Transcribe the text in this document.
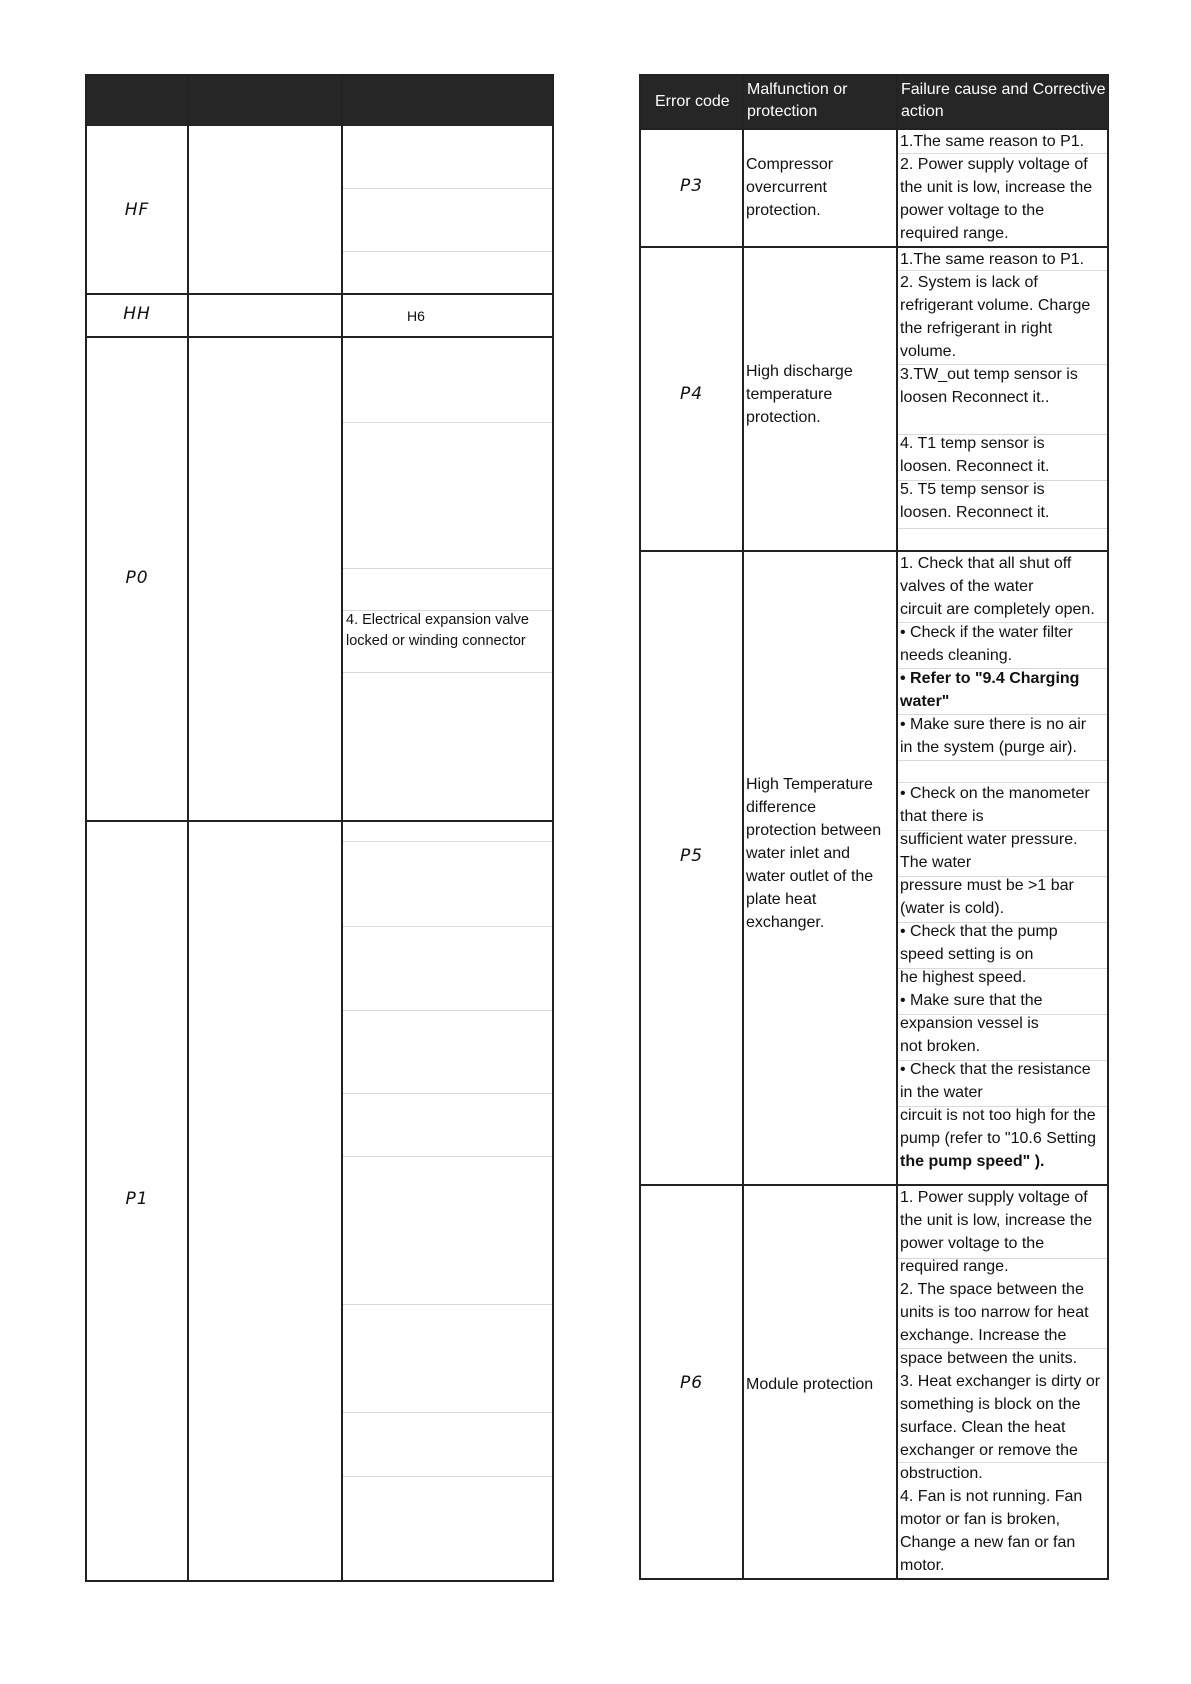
HF
HH
P0
P1
H6
4. Electrical expansion valve
locked or winding connector
Error code
Malfunction or
protection
Failure cause and Corrective
action
P3
Compressor
overcurrent
protection.
1.The same reason to P1.
2. Power supply voltage of
the unit is low, increase the
power voltage to the
required range.
P4
High discharge
temperature
protection.
1.The same reason to P1.
2. System is lack of
refrigerant volume. Charge
the refrigerant in right
volume.
3.TW_out temp sensor is
loosen Reconnect it..

4. T1 temp sensor is
loosen. Reconnect it.
5. T5 temp sensor is
loosen. Reconnect it.
P5
High Temperature
difference
protection between
water inlet and
water outlet of the
plate heat
exchanger.
1. Check that all shut off
valves of the water
circuit are completely open.
• Check if the water filter
needs cleaning.
• Refer to "9.4 Charging
water"
• Make sure there is no air
in the system (purge air).

• Check on the manometer
that there is
sufficient water pressure.
The water
pressure must be >1 bar
(water is cold).
• Check that the pump
speed setting is on
he highest speed.
• Make sure that the
expansion vessel is
not broken.
• Check that the resistance
in the water
circuit is not too high for the
pump (refer to "10.6 Setting
the pump speed" ).
P6	Module protection
1. Power supply voltage of
the unit is low, increase the
power voltage to the
required range.
2. The space between the
units is too narrow for heat
exchange. Increase the
space between the units.
3. Heat exchanger is dirty or
something is block on the
surface. Clean the heat
exchanger or remove the
obstruction.
4. Fan is not running. Fan
motor or fan is broken,
Change a new fan or fan
motor.
